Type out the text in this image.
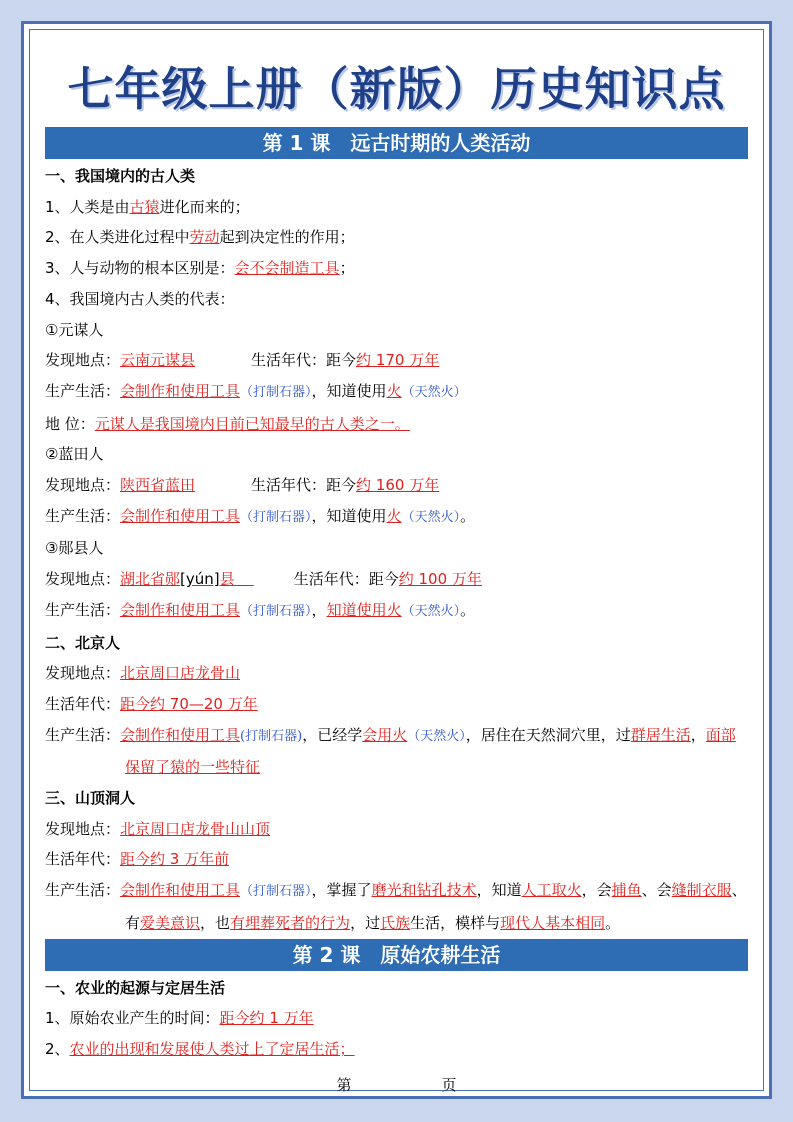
七年级上册（新版）历史知识点
第 1 课　远古时期的人类活动
一、我国境内的古人类
1、人类是由古猿进化而来的；
2、在人类进化过程中劳动起到决定性的作用；
3、人与动物的根本区别是：会不会制造工具；
4、我国境内古人类的代表：
①元谋人
发现地点：云南元谋县	生活年代：距今约 170 万年
生产生活：会制作和使用工具（打制石器），知道使用火（天然火）
地 位：元谋人是我国境内目前已知最早的古人类之一。
②蓝田人
发现地点：陕西省蓝田	生活年代：距今约 160 万年
生产生活：会制作和使用工具（打制石器），知道使用火（天然火）。
③郧县人
发现地点：湖北省郧[yún]县	生活年代：距今约 100 万年
生产生活：会制作和使用工具（打制石器），知道使用火（天然火）。
二、北京人
发现地点：北京周口店龙骨山
生活年代：距今约 70—20 万年
生产生活：会制作和使用工具(打制石器)，已经学会用火（天然火），居住在天然洞穴里，过群居生活，面部保留了猿的一些特征
三、山顶洞人
发现地点：北京周口店龙骨山山顶
生活年代：距今约 3 万年前
生产生活：会制作和使用工具（打制石器），掌握了磨光和钻孔技术，知道人工取火，会捕鱼、会缝制衣服、有爱美意识，也有埋葬死者的行为，过氏族生活，模样与现代人基本相同。
第 2 课　原始农耕生活
一、农业的起源与定居生活
1、原始农业产生的时间：距今约 1 万年
2、农业的出现和发展使人类过上了定居生活；
第	页
